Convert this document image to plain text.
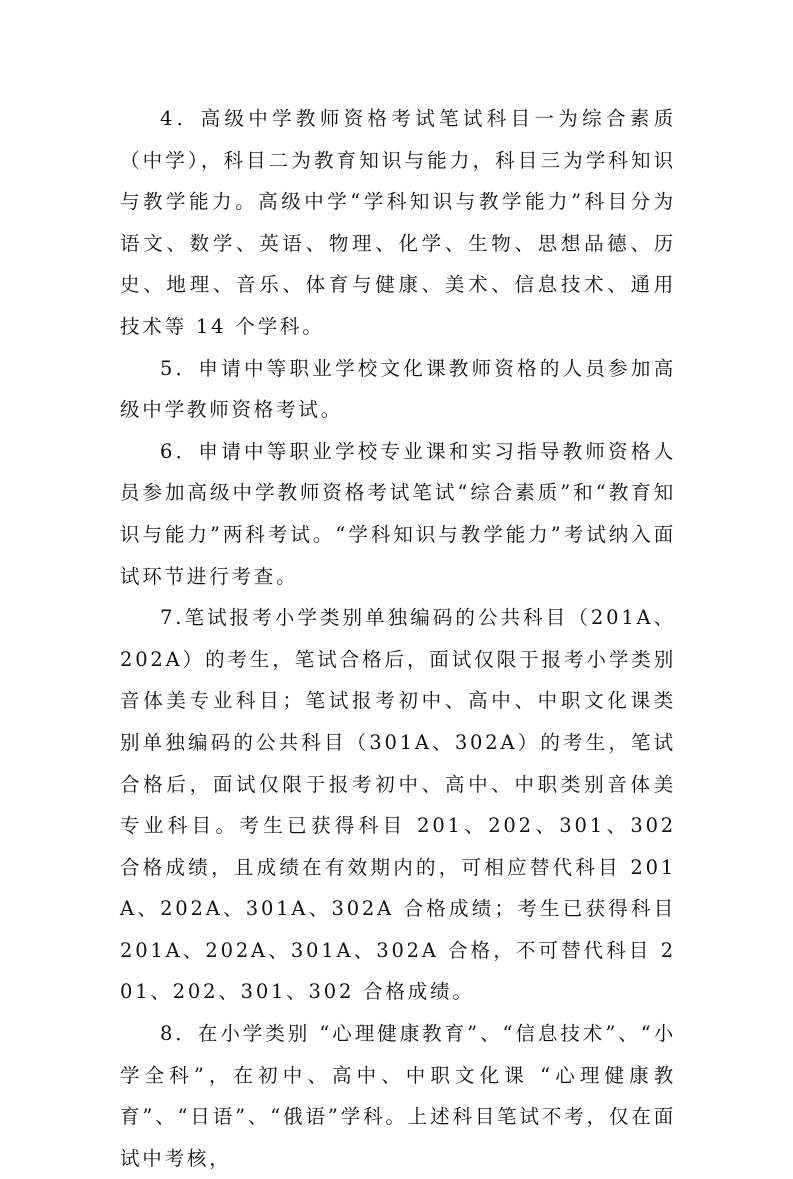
4．高级中学教师资格考试笔试科目一为综合素质（中学），科目二为教育知识与能力，科目三为学科知识与教学能力。高级中学“学科知识与教学能力”科目分为语文、数学、英语、物理、化学、生物、思想品德、历史、地理、音乐、体育与健康、美术、信息技术、通用技术等 14 个学科。

5．申请中等职业学校文化课教师资格的人员参加高级中学教师资格考试。

6．申请中等职业学校专业课和实习指导教师资格人员参加高级中学教师资格考试笔试“综合素质”和“教育知识与能力”两科考试。“学科知识与教学能力”考试纳入面试环节进行考查。

7.笔试报考小学类别单独编码的公共科目（201A、202A）的考生，笔试合格后，面试仅限于报考小学类别音体美专业科目；笔试报考初中、高中、中职文化课类别单独编码的公共科目（301A、302A）的考生，笔试合格后，面试仅限于报考初中、高中、中职类别音体美专业科目。考生已获得科目 201、202、301、302 合格成绩，且成绩在有效期内的，可相应替代科目 201A、202A、301A、302A 合格成绩；考生已获得科目 201A、202A、301A、302A 合格，不可替代科目 201、202、301、302 合格成绩。

8．在小学类别 “心理健康教育”、“信息技术”、“小学全科”，在初中、高中、中职文化课 “心理健康教育”、“日语”、“俄语”学科。上述科目笔试不考，仅在面试中考核，
